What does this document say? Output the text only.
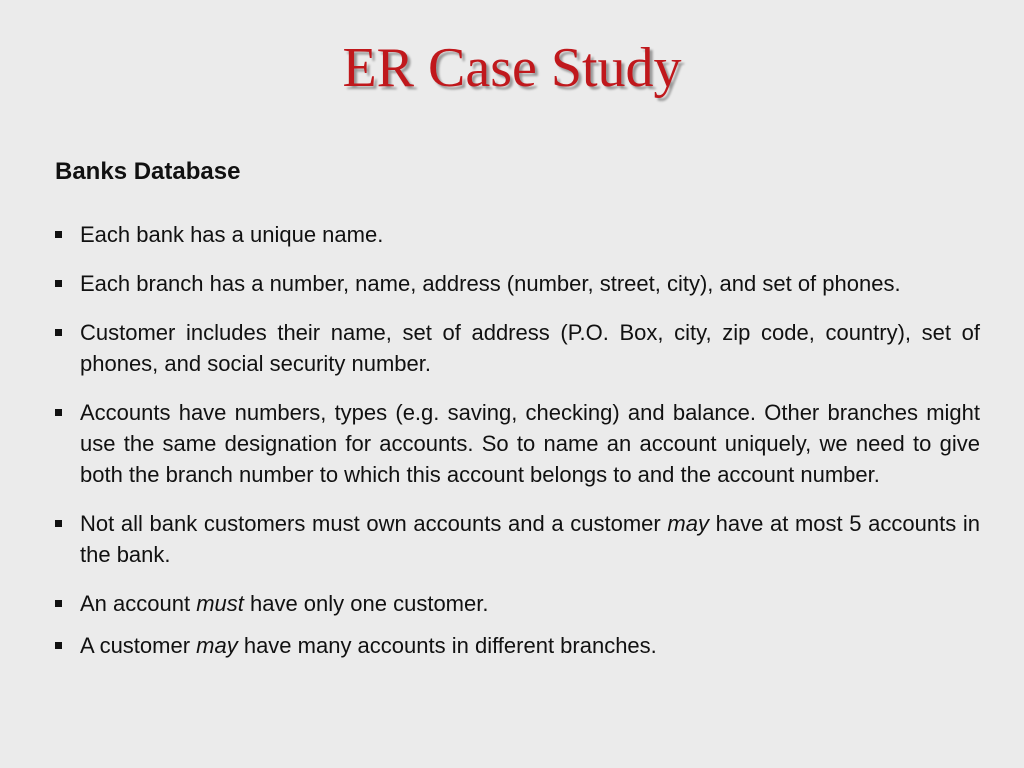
ER Case Study
Banks Database
Each bank has a unique name.
Each branch has a number, name, address (number, street, city), and set of phones.
Customer includes their name, set of address (P.O. Box, city, zip code, country), set of phones, and social security number.
Accounts have numbers, types (e.g. saving, checking) and balance. Other branches might use the same designation for accounts. So to name an account uniquely, we need to give both the branch number to which this account belongs to and the account number.
Not all bank customers must own accounts and a customer may have at most 5 accounts in the bank.
An account must have only one customer.
A customer may have many accounts in different branches.
